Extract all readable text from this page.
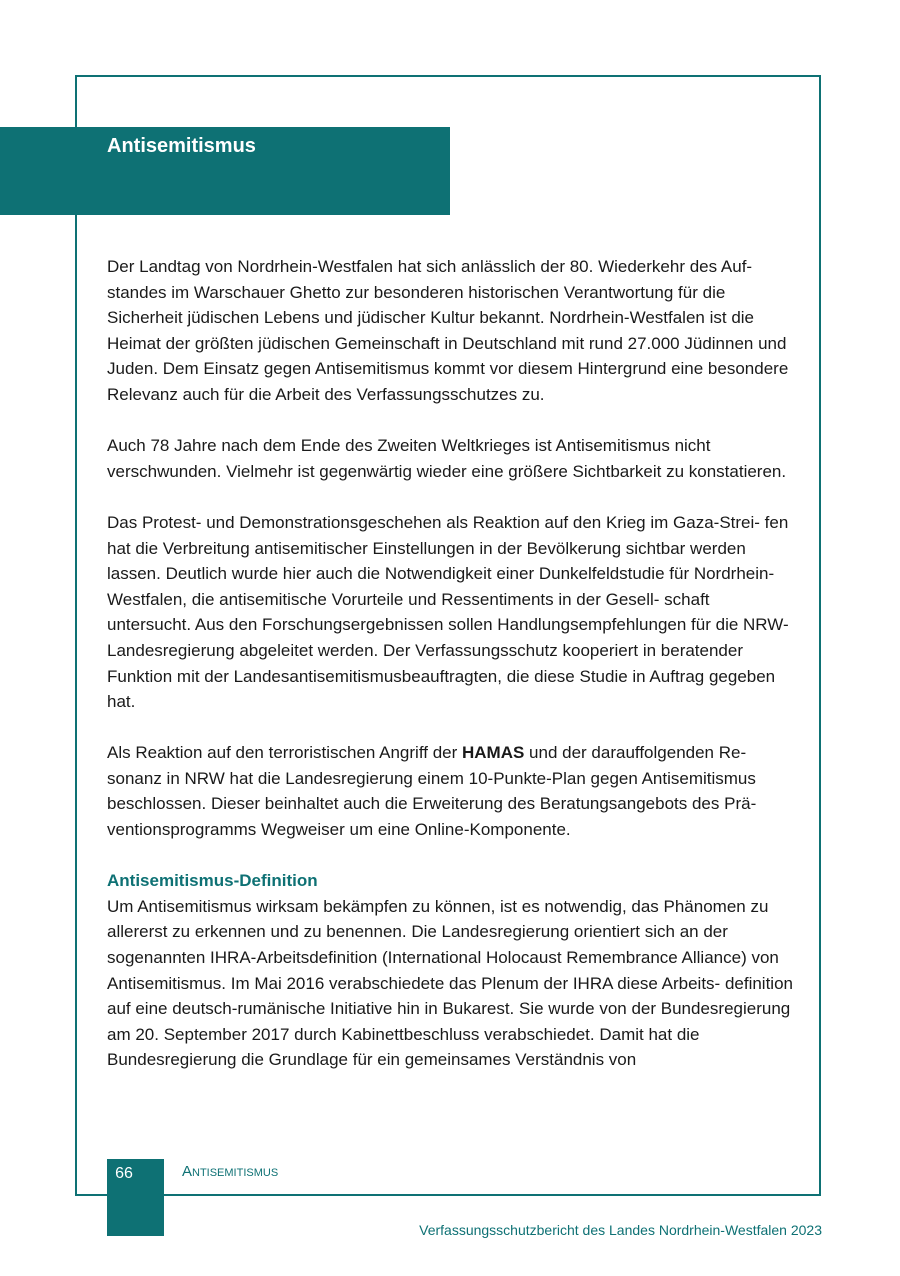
Antisemitismus

Der Landtag von Nordrhein-Westfalen hat sich anlässlich der 80. Wiederkehr des Auf- standes im Warschauer Ghetto zur besonderen historischen Verantwortung für die Sicherheit jüdischen Lebens und jüdischer Kultur bekannt. Nordrhein-Westfalen ist die Heimat der größten jüdischen Gemeinschaft in Deutschland mit rund 27.000 Jüdinnen und Juden. Dem Einsatz gegen Antisemitismus kommt vor diesem Hintergrund eine besondere Relevanz auch für die Arbeit des Verfassungsschutzes zu.

Auch 78 Jahre nach dem Ende des Zweiten Weltkrieges ist Antisemitismus nicht verschwunden. Vielmehr ist gegenwärtig wieder eine größere Sichtbarkeit zu konstatieren.

Das Protest- und Demonstrationsgeschehen als Reaktion auf den Krieg im Gaza-Strei- fen hat die Verbreitung antisemitischer Einstellungen in der Bevölkerung sichtbar werden lassen. Deutlich wurde hier auch die Notwendigkeit einer Dunkelfeldstudie für Nordrhein-Westfalen, die antisemitische Vorurteile und Ressentiments in der Gesell- schaft untersucht. Aus den Forschungsergebnissen sollen Handlungsempfehlungen für die NRW-Landesregierung abgeleitet werden. Der Verfassungsschutz kooperiert in beratender Funktion mit der Landesantisemitismusbeauftragten, die diese Studie in Auftrag gegeben hat.

Als Reaktion auf den terroristischen Angriff der HAMAS und der darauffolgenden Re- sonanz in NRW hat die Landesregierung einem 10-Punkte-Plan gegen Antisemitismus beschlossen. Dieser beinhaltet auch die Erweiterung des Beratungsangebots des Prä- ventionsprogramms Wegweiser um eine Online-Komponente.

Antisemitismus-Definition
Um Antisemitismus wirksam bekämpfen zu können, ist es notwendig, das Phänomen zu allererst zu erkennen und zu benennen. Die Landesregierung orientiert sich an der sogenannten IHRA-Arbeitsdefinition (International Holocaust Remembrance Alliance) von Antisemitismus. Im Mai 2016 verabschiedete das Plenum der IHRA diese Arbeits- definition auf eine deutsch-rumänische Initiative hin in Bukarest. Sie wurde von der Bundesregierung am 20. September 2017 durch Kabinettbeschluss verabschiedet. Damit hat die Bundesregierung die Grundlage für ein gemeinsames Verständnis von

66	Antisemitismus
Verfassungsschutzbericht des Landes Nordrhein-Westfalen 2023
